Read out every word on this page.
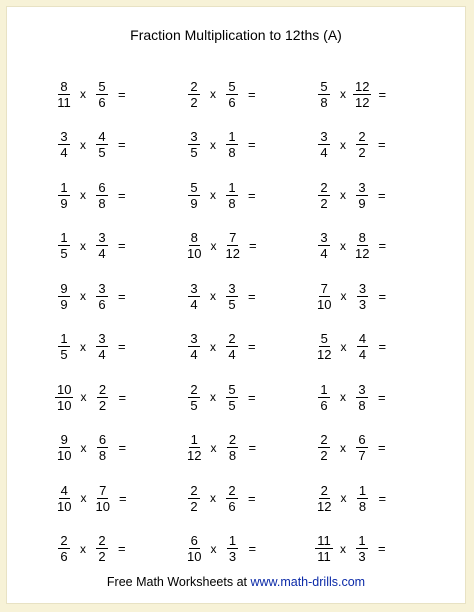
Fraction Multiplication to 12ths (A)
$\frac{8}{11}$ x $\frac{5}{6}$ =	$\frac{2}{2}$ x $\frac{5}{6}$ =	$\frac{5}{8}$ x $\frac{12}{12}$ =
$\frac{3}{4}$ x $\frac{4}{5}$ =	$\frac{3}{5}$ x $\frac{1}{8}$ =	$\frac{3}{4}$ x $\frac{2}{2}$ =
$\frac{1}{9}$ x $\frac{6}{8}$ =	$\frac{5}{9}$ x $\frac{1}{8}$ =	$\frac{2}{2}$ x $\frac{3}{9}$ =
$\frac{1}{5}$ x $\frac{3}{4}$ =	$\frac{8}{10}$ x $\frac{7}{12}$ =	$\frac{3}{4}$ x $\frac{8}{12}$ =
$\frac{9}{9}$ x $\frac{3}{6}$ =	$\frac{3}{4}$ x $\frac{3}{5}$ =	$\frac{7}{10}$ x $\frac{3}{3}$ =
$\frac{1}{5}$ x $\frac{3}{4}$ =	$\frac{3}{4}$ x $\frac{2}{4}$ =	$\frac{5}{12}$ x $\frac{4}{4}$ =
$\frac{10}{10}$ x $\frac{2}{2}$ =	$\frac{2}{5}$ x $\frac{5}{5}$ =	$\frac{1}{6}$ x $\frac{3}{8}$ =
$\frac{9}{10}$ x $\frac{6}{8}$ =	$\frac{1}{12}$ x $\frac{2}{8}$ =	$\frac{2}{2}$ x $\frac{6}{7}$ =
$\frac{4}{10}$ x $\frac{7}{10}$ =	$\frac{2}{2}$ x $\frac{2}{6}$ =	$\frac{2}{12}$ x $\frac{1}{8}$ =
$\frac{2}{6}$ x $\frac{2}{2}$ =	$\frac{6}{10}$ x $\frac{1}{3}$ =	$\frac{11}{11}$ x $\frac{1}{3}$ =
Free Math Worksheets at www.math-drills.com
